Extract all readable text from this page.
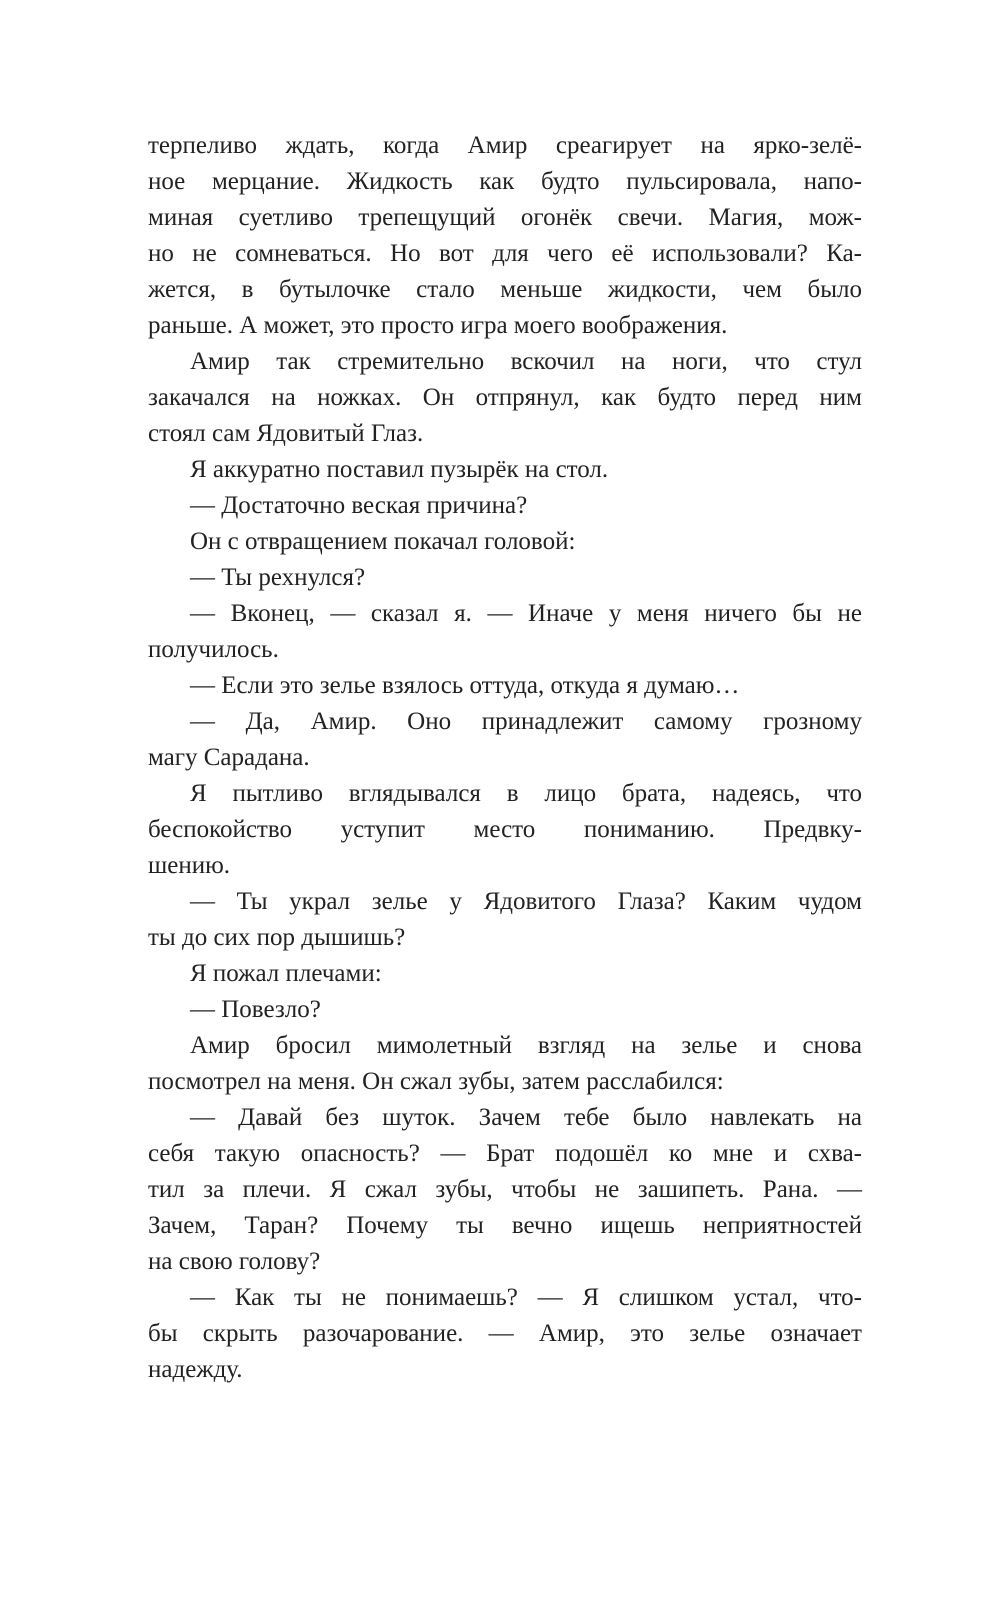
терпеливо ждать, когда Амир среагирует на ярко-зелё-
ное мерцание. Жидкость как будто пульсировала, напо-
миная суетливо трепещущий огонёк свечи. Магия, мож-
но не сомневаться. Но вот для чего её использовали? Ка-
жется, в бутылочке стало меньше жидкости, чем было
раньше. А может, это просто игра моего воображения.
Амир так стремительно вскочил на ноги, что стул
закачался на ножках. Он отпрянул, как будто перед ним
стоял сам Ядовитый Глаз.
Я аккуратно поставил пузырёк на стол.
— Достаточно веская причина?
Он с отвращением покачал головой:
— Ты рехнулся?
— Вконец, — сказал я. — Иначе у меня ничего бы не
получилось.
— Если это зелье взялось оттуда, откуда я думаю…
— Да, Амир. Оно принадлежит самому грозному
магу Сарадана.
Я пытливо вглядывался в лицо брата, надеясь, что
беспокойство уступит место пониманию. Предвку-
шению.
— Ты украл зелье у Ядовитого Глаза? Каким чудом
ты до сих пор дышишь?
Я пожал плечами:
— Повезло?
Амир бросил мимолетный взгляд на зелье и снова
посмотрел на меня. Он сжал зубы, затем расслабился:
— Давай без шуток. Зачем тебе было навлекать на
себя такую опасность? — Брат подошёл ко мне и схва-
тил за плечи. Я сжал зубы, чтобы не зашипеть. Рана. —
Зачем, Таран? Почему ты вечно ищешь неприятностей
на свою голову?
— Как ты не понимаешь? — Я слишком устал, что-
бы скрыть разочарование. — Амир, это зелье означает
надежду.
